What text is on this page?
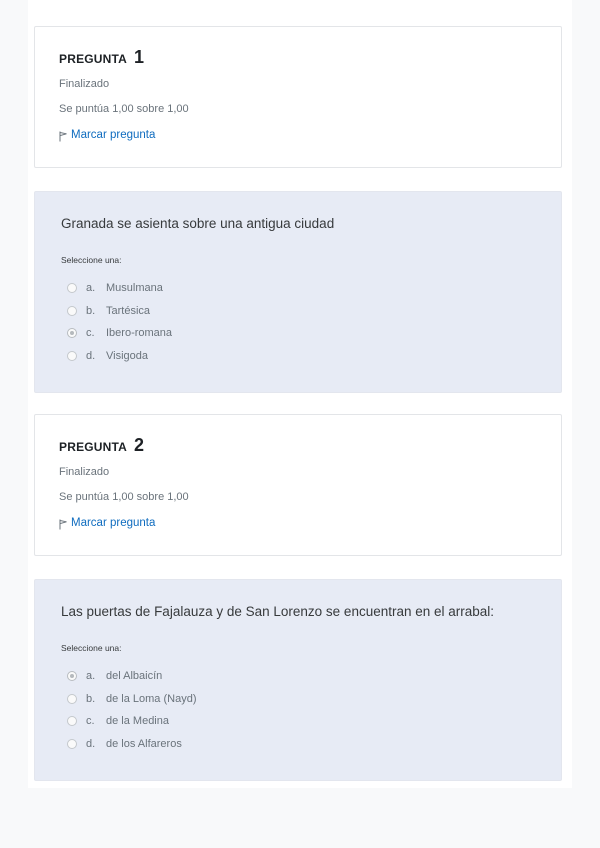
PREGUNTA 1
Finalizado
Se puntúa 1,00 sobre 1,00
Marcar pregunta
Granada se asienta sobre una antigua ciudad
Seleccione una:
a. Musulmana
b. Tartésica
c.	Ibero-romana
d. Visigoda
PREGUNTA 2
Finalizado
Se puntúa 1,00 sobre 1,00
Marcar pregunta
Las puertas de Fajalauza y de San Lorenzo se encuentran en el arrabal:
Seleccione una:
a. del Albaicín
b. de la Loma (Nayd)
c.	de la Medina
d. de los Alfareros
